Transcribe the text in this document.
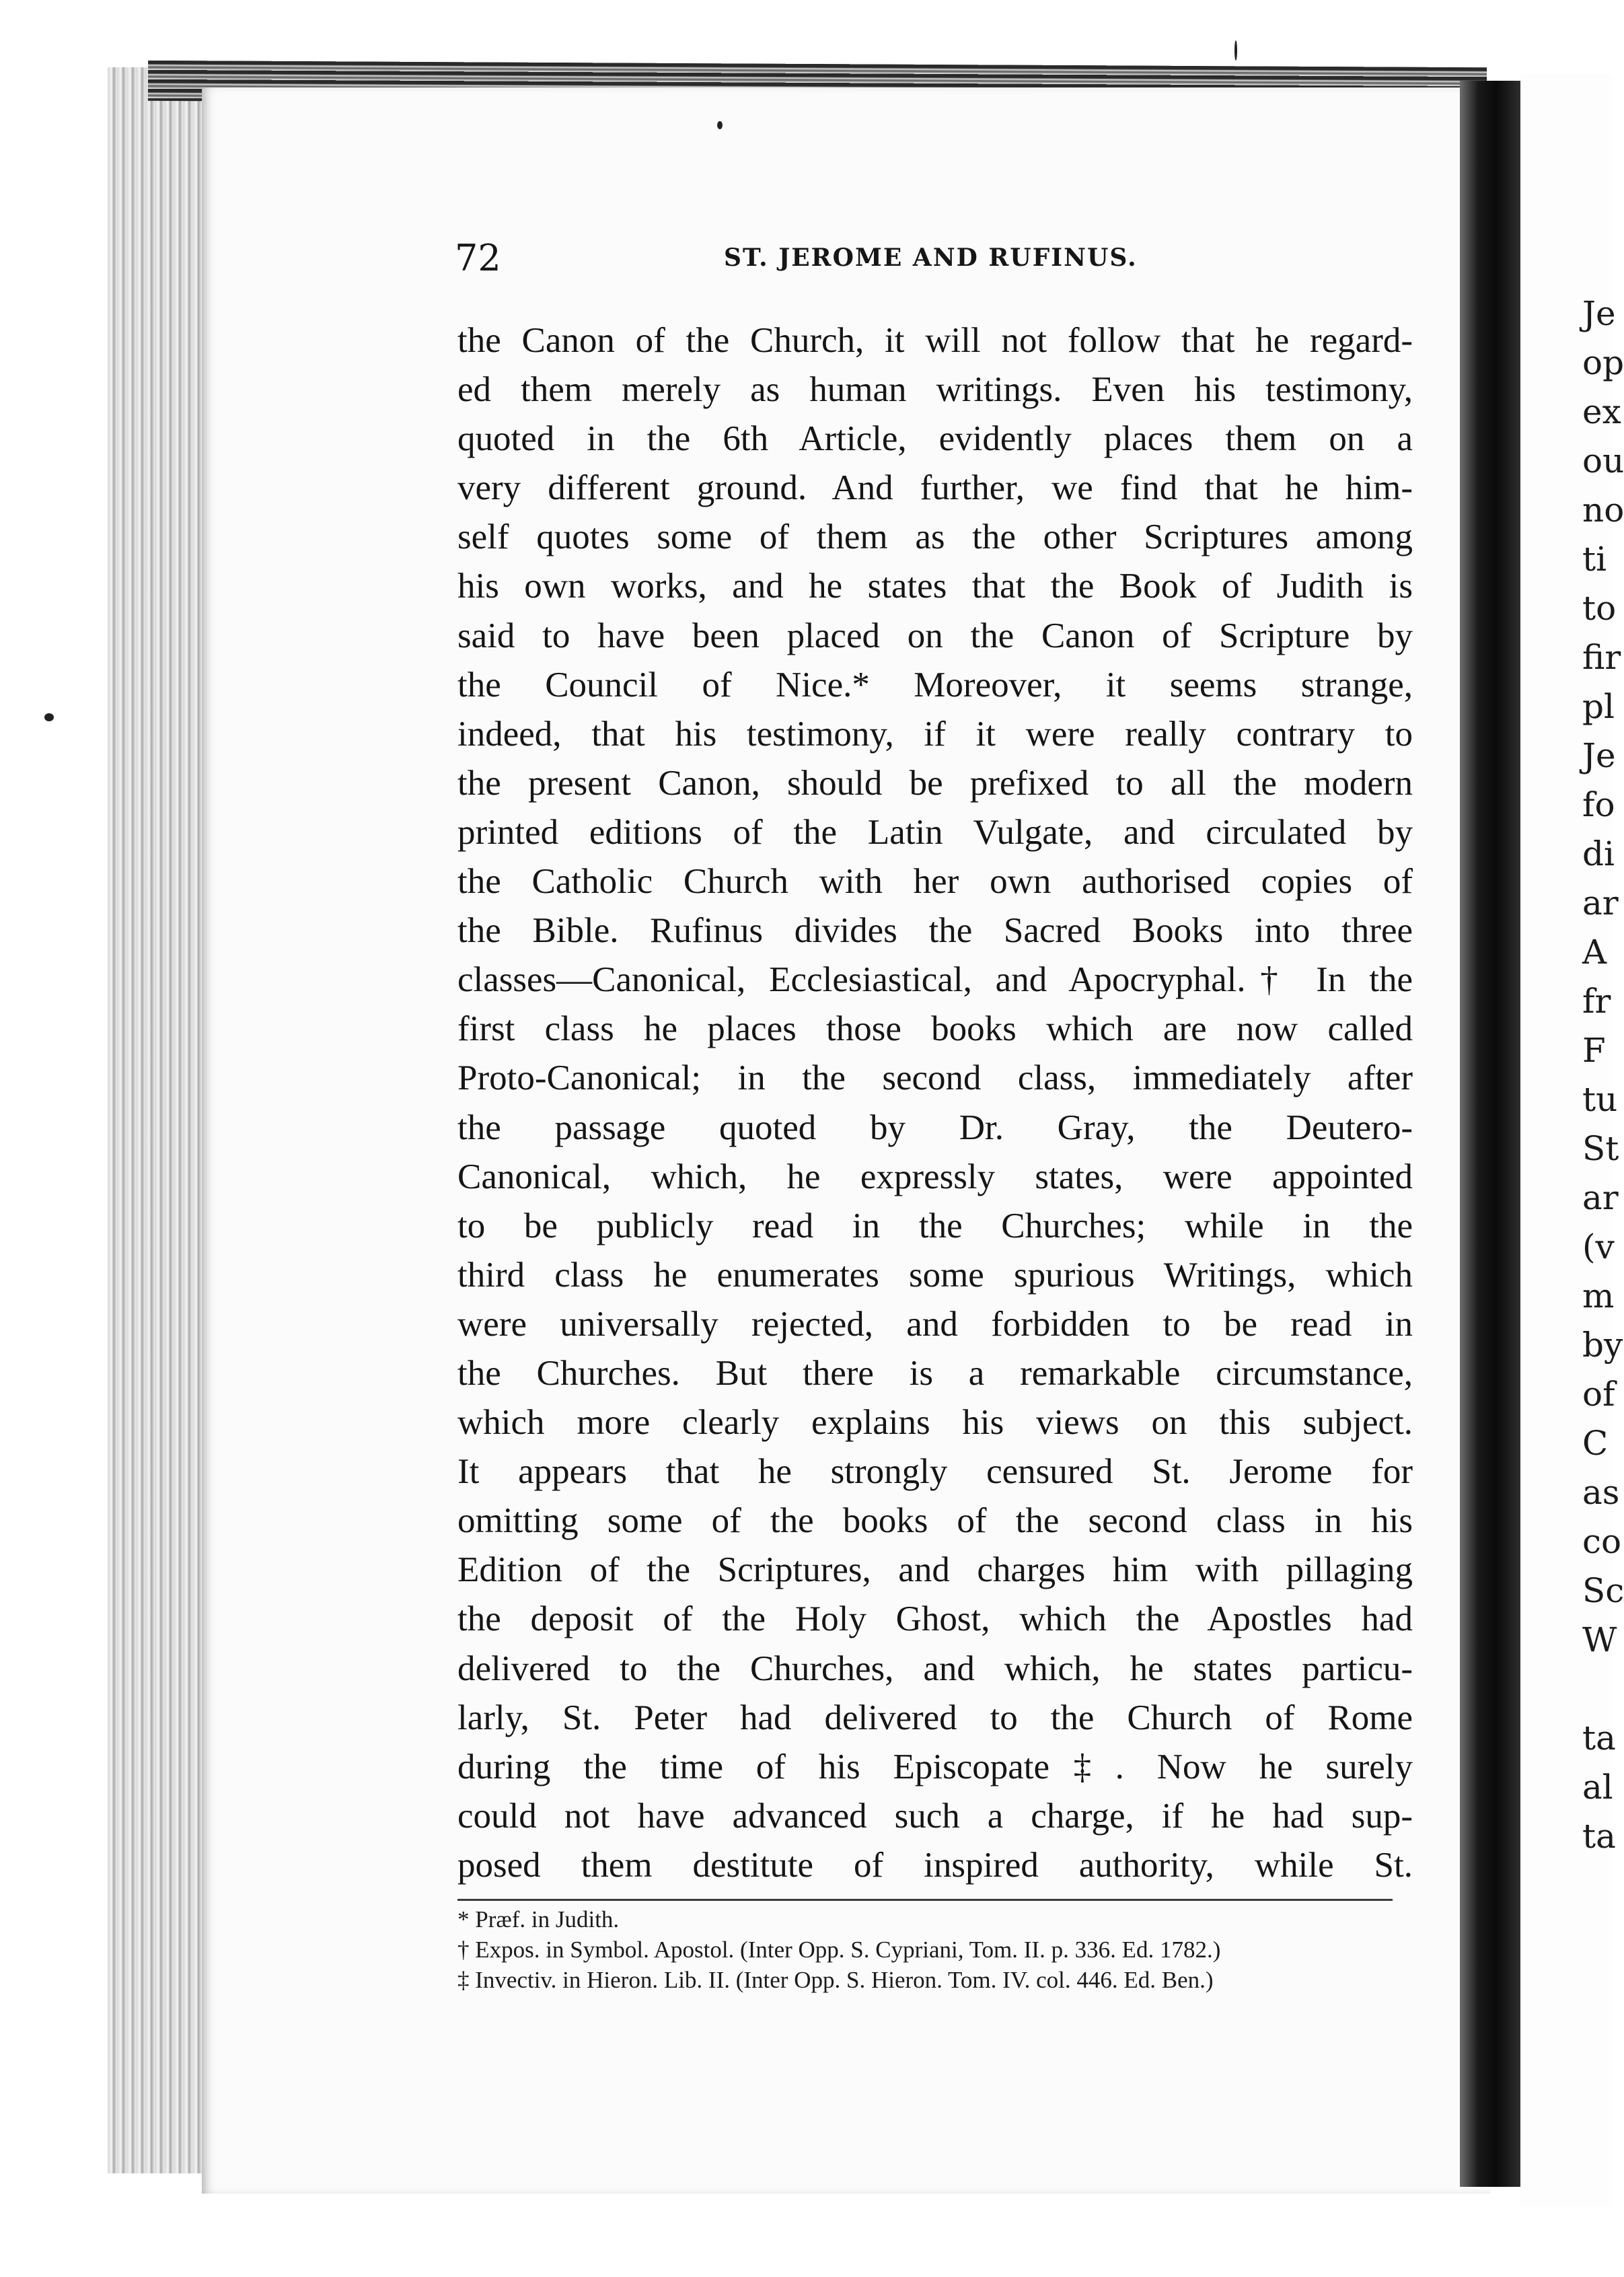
Je
op
ex
ou
no
ti
to
fir
pl
Je
fo
di
ar
A
fr
F
tu
St
ar
(v
m
by
of
C
as
co
Sc
W

ta
al
ta
72	ST. JEROME AND RUFINUS.
the Canon of the Church, it will not follow that he regard-
ed them merely as human writings. Even his testimony,
quoted in the 6th Article, evidently places them on a
very different ground. And further, we find that he him-
self quotes some of them as the other Scriptures among
his own works, and he states that the Book of Judith is
said to have been placed on the Canon of Scripture by
the Council of Nice.* Moreover, it seems strange,
indeed, that his testimony, if it were really contrary to
the present Canon, should be prefixed to all the modern
printed editions of the Latin Vulgate, and circulated by
the Catholic Church with her own authorised copies of
the Bible. Rufinus divides the Sacred Books into three
classes—Canonical, Ecclesiastical, and Apocryphal.† In the
first class he places those books which are now called
Proto-Canonical; in the second class, immediately after
the passage quoted by Dr. Gray, the Deutero-
Canonical, which, he expressly states, were appointed
to be publicly read in the Churches; while in the
third class he enumerates some spurious Writings, which
were universally rejected, and forbidden to be read in
the Churches. But there is a remarkable circumstance,
which more clearly explains his views on this subject.
It appears that he strongly censured St. Jerome for
omitting some of the books of the second class in his
Edition of the Scriptures, and charges him with pillaging
the deposit of the Holy Ghost, which the Apostles had
delivered to the Churches, and which, he states particu-
larly, St. Peter had delivered to the Church of Rome
during the time of his Episcopate‡. Now he surely
could not have advanced such a charge, if he had sup-
posed them destitute of inspired authority, while St.
* Præf. in Judith.
† Expos. in Symbol. Apostol. (Inter Opp. S. Cypriani, Tom. II. p. 336. Ed. 1782.)
‡ Invectiv. in Hieron. Lib. II. (Inter Opp. S. Hieron. Tom. IV. col. 446. Ed. Ben.)
